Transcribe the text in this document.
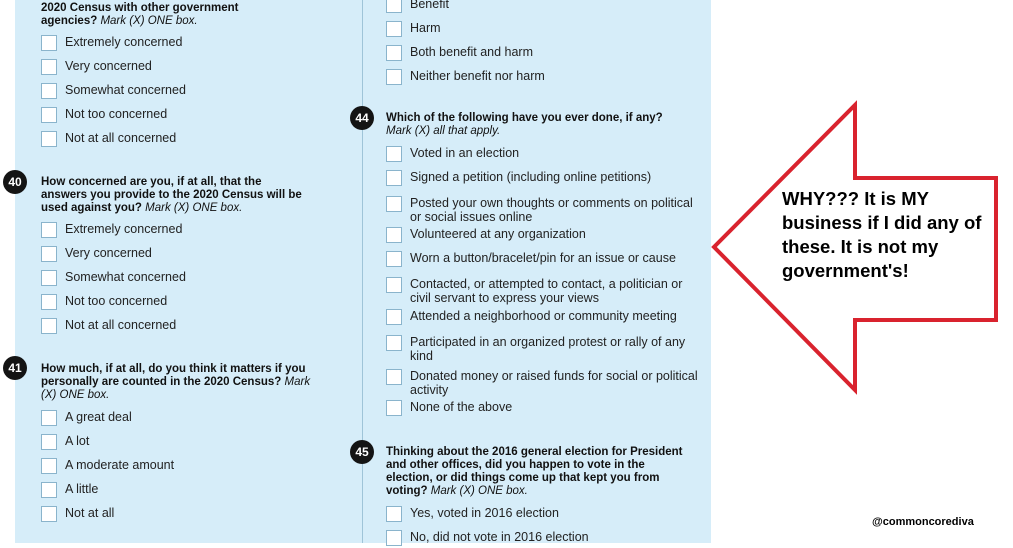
2020 Census with other government agencies? Mark (X) ONE box.
Extremely concerned
Very concerned
Somewhat concerned
Not too concerned
Not at all concerned
40	How concerned are you, if at all, that the answers you provide to the 2020 Census will be used against you? Mark (X) ONE box.
Extremely concerned
Very concerned
Somewhat concerned
Not too concerned
Not at all concerned
41	How much, if at all, do you think it matters if you personally are counted in the 2020 Census? Mark (X) ONE box.
A great deal
A lot
A moderate amount
A little
Not at all
Benefit
Harm
Both benefit and harm
Neither benefit nor harm
44	Which of the following have you ever done, if any? Mark (X) all that apply.
Voted in an election
Signed a petition (including online petitions)
Posted your own thoughts or comments on political or social issues online
Volunteered at any organization
Worn a button/bracelet/pin for an issue or cause
Contacted, or attempted to contact, a politician or civil servant to express your views
Attended a neighborhood or community meeting
Participated in an organized protest or rally of any kind
Donated money or raised funds for social or political activity
None of the above
45	Thinking about the 2016 general election for President and other offices, did you happen to vote in the election, or did things come up that kept you from voting? Mark (X) ONE box.
Yes, voted in 2016 election
No, did not vote in 2016 election
WHY??? It is MY business if I did any of these. It is not my government's!
@commoncorediva
